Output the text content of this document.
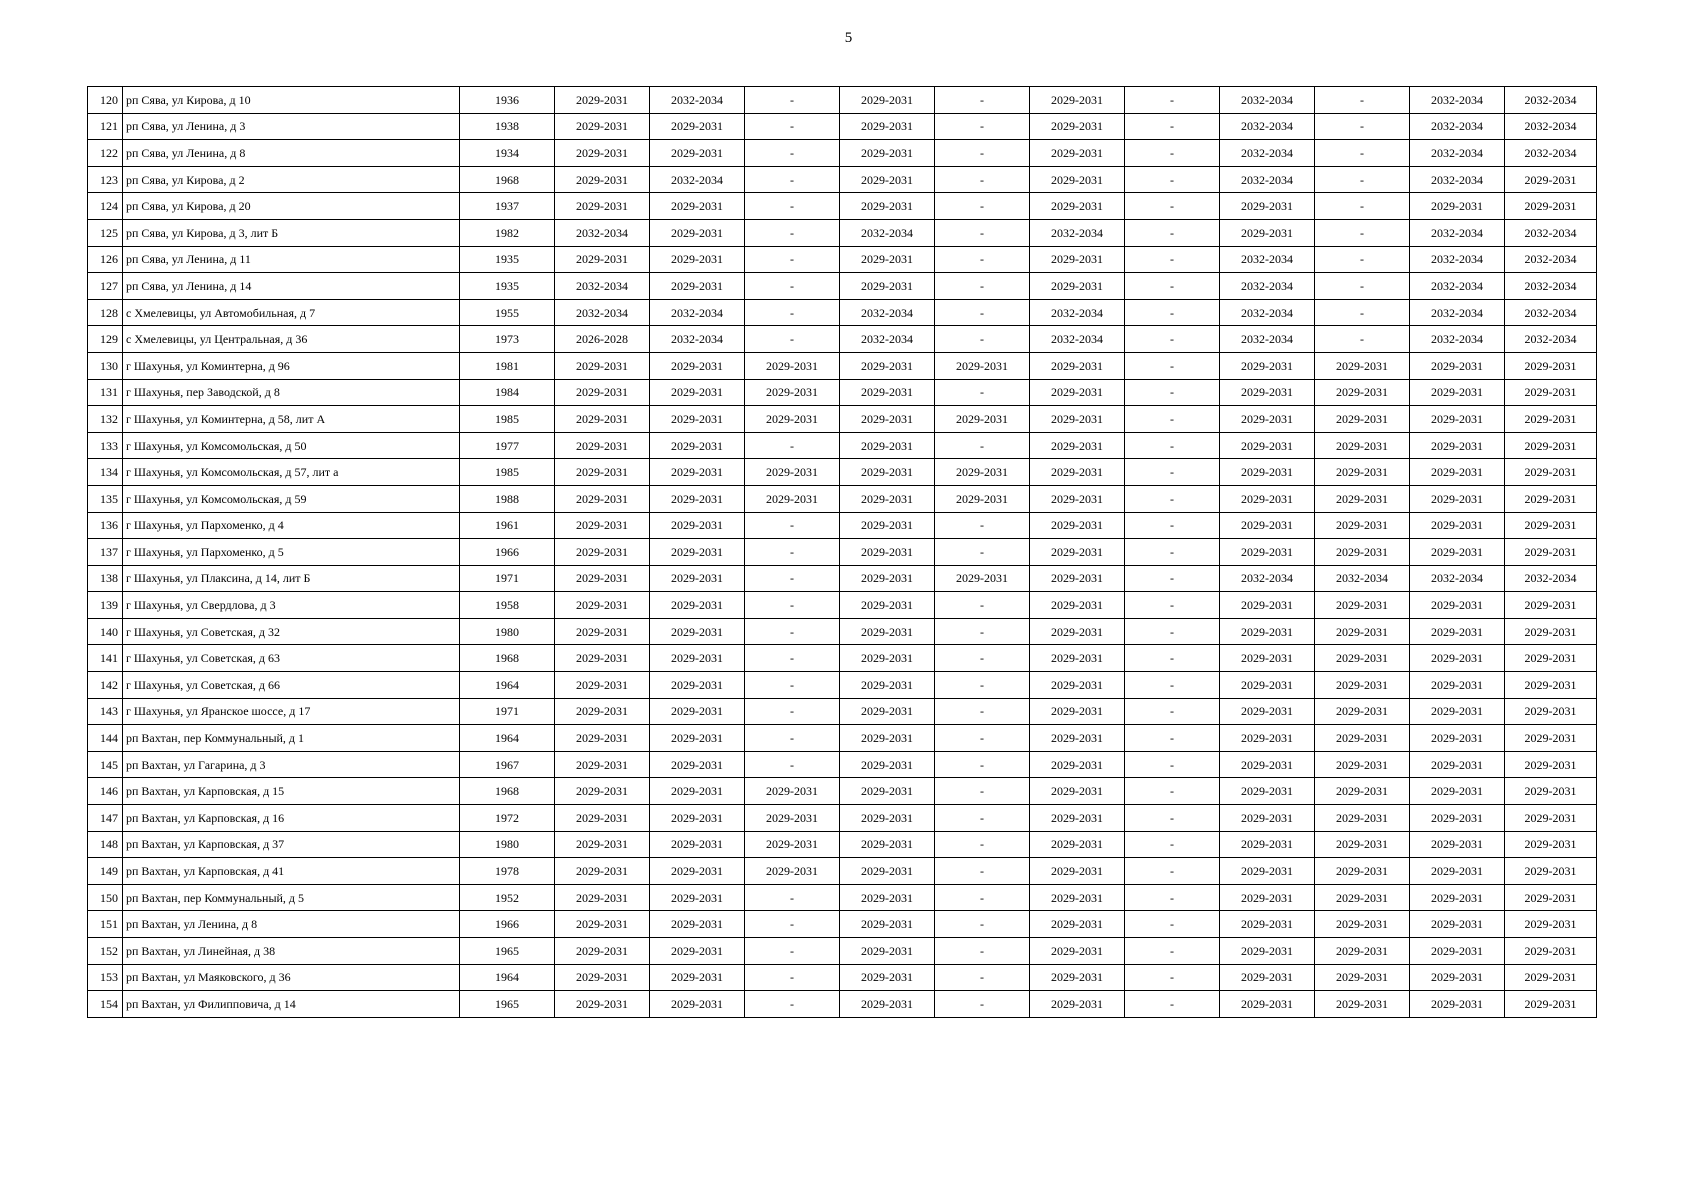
5
120	рп Сява, ул Кирова, д 10	1936	2029-2031	2032-2034	-	2029-2031	-	2029-2031	-	2032-2034	-	2032-2034	2032-2034
121	рп Сява, ул Ленина, д 3	1938	2029-2031	2029-2031	-	2029-2031	-	2029-2031	-	2032-2034	-	2032-2034	2032-2034
122	рп Сява, ул Ленина, д 8	1934	2029-2031	2029-2031	-	2029-2031	-	2029-2031	-	2032-2034	-	2032-2034	2032-2034
123	рп Сява, ул Кирова, д 2	1968	2029-2031	2032-2034	-	2029-2031	-	2029-2031	-	2032-2034	-	2032-2034	2029-2031
124	рп Сява, ул Кирова, д 20	1937	2029-2031	2029-2031	-	2029-2031	-	2029-2031	-	2029-2031	-	2029-2031	2029-2031
125	рп Сява, ул Кирова, д 3, лит Б	1982	2032-2034	2029-2031	-	2032-2034	-	2032-2034	-	2029-2031	-	2032-2034	2032-2034
126	рп Сява, ул Ленина, д 11	1935	2029-2031	2029-2031	-	2029-2031	-	2029-2031	-	2032-2034	-	2032-2034	2032-2034
127	рп Сява, ул Ленина, д 14	1935	2032-2034	2029-2031	-	2029-2031	-	2029-2031	-	2032-2034	-	2032-2034	2032-2034
128	с Хмелевицы, ул Автомобильная, д 7	1955	2032-2034	2032-2034	-	2032-2034	-	2032-2034	-	2032-2034	-	2032-2034	2032-2034
129	с Хмелевицы, ул Центральная, д 36	1973	2026-2028	2032-2034	-	2032-2034	-	2032-2034	-	2032-2034	-	2032-2034	2032-2034
130	г Шахунья, ул Коминтерна, д 96	1981	2029-2031	2029-2031	2029-2031	2029-2031	2029-2031	2029-2031	-	2029-2031	2029-2031	2029-2031	2029-2031
131	г Шахунья, пер Заводской, д 8	1984	2029-2031	2029-2031	2029-2031	2029-2031	-	2029-2031	-	2029-2031	2029-2031	2029-2031	2029-2031
132	г Шахунья, ул Коминтерна, д 58, лит А	1985	2029-2031	2029-2031	2029-2031	2029-2031	2029-2031	2029-2031	-	2029-2031	2029-2031	2029-2031	2029-2031
133	г Шахунья, ул Комсомольская, д 50	1977	2029-2031	2029-2031	-	2029-2031	-	2029-2031	-	2029-2031	2029-2031	2029-2031	2029-2031
134	г Шахунья, ул Комсомольская, д 57, лит а	1985	2029-2031	2029-2031	2029-2031	2029-2031	2029-2031	2029-2031	-	2029-2031	2029-2031	2029-2031	2029-2031
135	г Шахунья, ул Комсомольская, д 59	1988	2029-2031	2029-2031	2029-2031	2029-2031	2029-2031	2029-2031	-	2029-2031	2029-2031	2029-2031	2029-2031
136	г Шахунья, ул Пархоменко, д 4	1961	2029-2031	2029-2031	-	2029-2031	-	2029-2031	-	2029-2031	2029-2031	2029-2031	2029-2031
137	г Шахунья, ул Пархоменко, д 5	1966	2029-2031	2029-2031	-	2029-2031	-	2029-2031	-	2029-2031	2029-2031	2029-2031	2029-2031
138	г Шахунья, ул Плаксина, д 14, лит Б	1971	2029-2031	2029-2031	-	2029-2031	2029-2031	2029-2031	-	2032-2034	2032-2034	2032-2034	2032-2034
139	г Шахунья, ул Свердлова, д 3	1958	2029-2031	2029-2031	-	2029-2031	-	2029-2031	-	2029-2031	2029-2031	2029-2031	2029-2031
140	г Шахунья, ул Советская, д 32	1980	2029-2031	2029-2031	-	2029-2031	-	2029-2031	-	2029-2031	2029-2031	2029-2031	2029-2031
141	г Шахунья, ул Советская, д 63	1968	2029-2031	2029-2031	-	2029-2031	-	2029-2031	-	2029-2031	2029-2031	2029-2031	2029-2031
142	г Шахунья, ул Советская, д 66	1964	2029-2031	2029-2031	-	2029-2031	-	2029-2031	-	2029-2031	2029-2031	2029-2031	2029-2031
143	г Шахунья, ул Яранское шоссе, д 17	1971	2029-2031	2029-2031	-	2029-2031	-	2029-2031	-	2029-2031	2029-2031	2029-2031	2029-2031
144	рп Вахтан, пер Коммунальный, д 1	1964	2029-2031	2029-2031	-	2029-2031	-	2029-2031	-	2029-2031	2029-2031	2029-2031	2029-2031
145	рп Вахтан, ул Гагарина, д 3	1967	2029-2031	2029-2031	-	2029-2031	-	2029-2031	-	2029-2031	2029-2031	2029-2031	2029-2031
146	рп Вахтан, ул Карповская, д 15	1968	2029-2031	2029-2031	2029-2031	2029-2031	-	2029-2031	-	2029-2031	2029-2031	2029-2031	2029-2031
147	рп Вахтан, ул Карповская, д 16	1972	2029-2031	2029-2031	2029-2031	2029-2031	-	2029-2031	-	2029-2031	2029-2031	2029-2031	2029-2031
148	рп Вахтан, ул Карповская, д 37	1980	2029-2031	2029-2031	2029-2031	2029-2031	-	2029-2031	-	2029-2031	2029-2031	2029-2031	2029-2031
149	рп Вахтан, ул Карповская, д 41	1978	2029-2031	2029-2031	2029-2031	2029-2031	-	2029-2031	-	2029-2031	2029-2031	2029-2031	2029-2031
150	рп Вахтан, пер Коммунальный, д 5	1952	2029-2031	2029-2031	-	2029-2031	-	2029-2031	-	2029-2031	2029-2031	2029-2031	2029-2031
151	рп Вахтан, ул Ленина, д 8	1966	2029-2031	2029-2031	-	2029-2031	-	2029-2031	-	2029-2031	2029-2031	2029-2031	2029-2031
152	рп Вахтан, ул Линейная, д 38	1965	2029-2031	2029-2031	-	2029-2031	-	2029-2031	-	2029-2031	2029-2031	2029-2031	2029-2031
153	рп Вахтан, ул Маяковского, д 36	1964	2029-2031	2029-2031	-	2029-2031	-	2029-2031	-	2029-2031	2029-2031	2029-2031	2029-2031
154	рп Вахтан, ул Филипповича, д 14	1965	2029-2031	2029-2031	-	2029-2031	-	2029-2031	-	2029-2031	2029-2031	2029-2031	2029-2031
